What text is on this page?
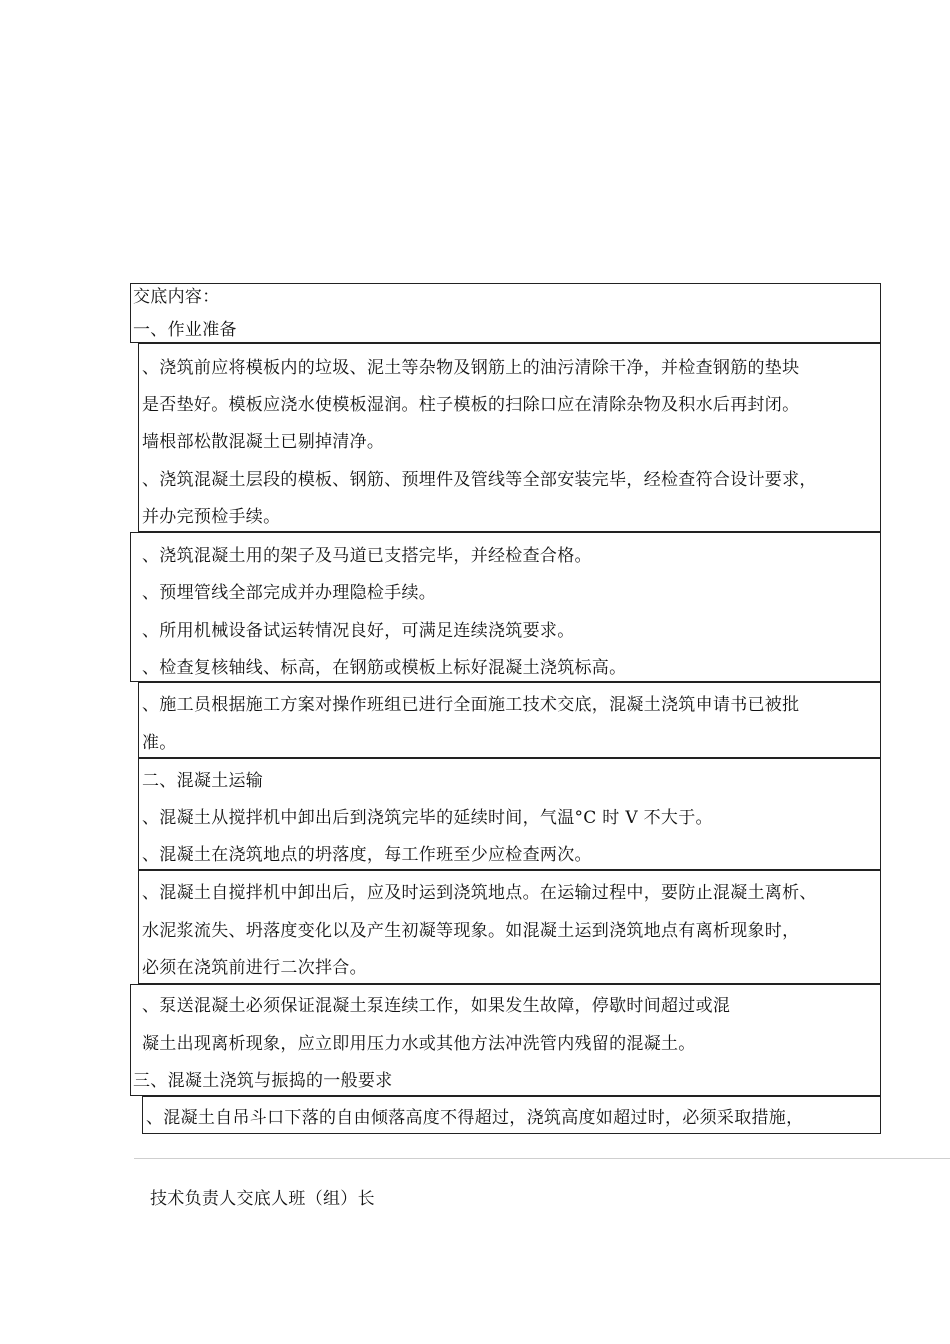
交底内容：
一、作业准备
、浇筑前应将模板内的垃圾、泥土等杂物及钢筋上的油污清除干净，并检查钢筋的垫块
是否垫好。模板应浇水使模板湿润。柱子模板的扫除口应在清除杂物及积水后再封闭。
墙根部松散混凝土已剔掉清净。
、浇筑混凝土层段的模板、钢筋、预埋件及管线等全部安装完毕，经检查符合设计要求，
并办完预检手续。
、浇筑混凝土用的架子及马道已支搭完毕，并经检查合格。
、预埋管线全部完成并办理隐检手续。
、所用机械设备试运转情况良好，可满足连续浇筑要求。
、检查复核轴线、标高，在钢筋或模板上标好混凝土浇筑标高。
、施工员根据施工方案对操作班组已进行全面施工技术交底，混凝土浇筑申请书已被批
准。
二、混凝土运输
、混凝土从搅拌机中卸出后到浇筑完毕的延续时间，气温°C 时 V 不大于。
、混凝土在浇筑地点的坍落度，每工作班至少应检查两次。
、混凝土自搅拌机中卸出后，应及时运到浇筑地点。在运输过程中，要防止混凝土离析、
水泥浆流失、坍落度变化以及产生初凝等现象。如混凝土运到浇筑地点有离析现象时，
必须在浇筑前进行二次拌合。
、泵送混凝土必须保证混凝土泵连续工作，如果发生故障，停歇时间超过或混
凝土出现离析现象，应立即用压力水或其他方法冲洗管内残留的混凝土。
三、混凝土浇筑与振捣的一般要求
、混凝土自吊斗口下落的自由倾落高度不得超过，浇筑高度如超过时，必须采取措施，
技术负责人交底人班（组）长
